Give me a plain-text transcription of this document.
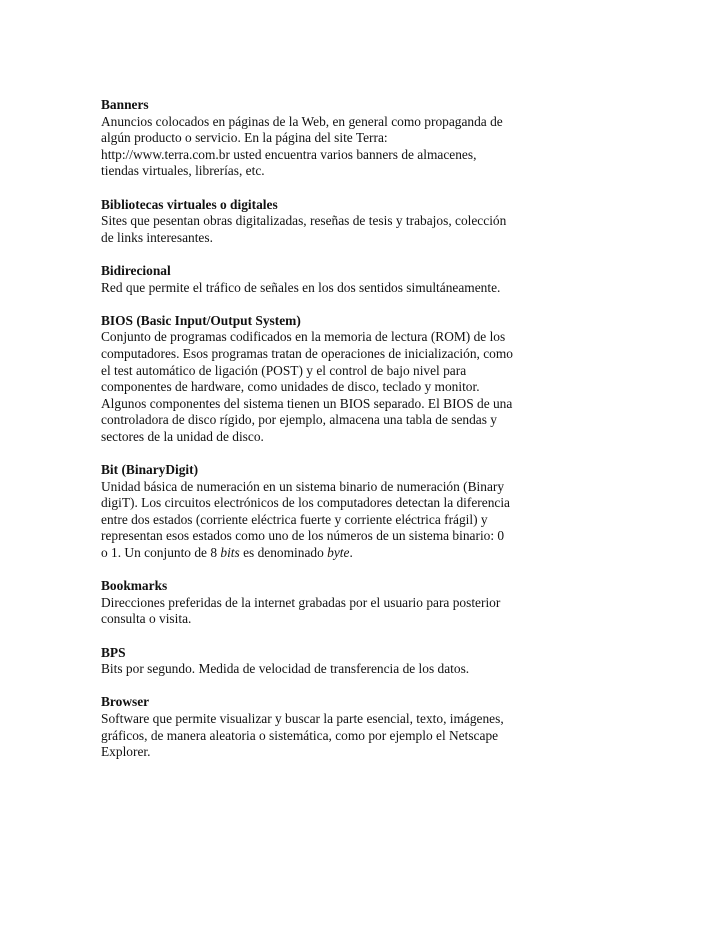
Banners
Anuncios colocados en páginas de la Web, en general como propaganda de
algún producto o servicio. En la página del site Terra:
http://www.terra.com.br usted encuentra varios banners de almacenes,
tiendas virtuales, librerías, etc.
Bibliotecas virtuales o digitales
Sites que pesentan obras digitalizadas, reseñas de tesis y trabajos, colección
de links interesantes.
Bidirecional
Red que permite el tráfico de señales en los dos sentidos simultáneamente.
BIOS (Basic Input/Output System)
Conjunto de programas codificados en la memoria de lectura (ROM) de los
computadores. Esos programas tratan de operaciones de inicialización, como
el test automático de ligación (POST) y el control de bajo nivel para
componentes de hardware, como unidades de disco, teclado y monitor.
Algunos componentes del sistema tienen un BIOS separado. El BIOS de una
controladora de disco rígido, por ejemplo, almacena una tabla de sendas y
sectores de la unidad de disco.
Bit (BinaryDigit)
Unidad básica de numeración en un sistema binario de numeración (Binary
digiT). Los circuitos electrónicos de los computadores detectan la diferencia
entre dos estados (corriente eléctrica fuerte y corriente eléctrica frágil) y
representan esos estados como uno de los números de un sistema binario: 0
o 1. Un conjunto de 8 bits es denominado byte.
Bookmarks
Direcciones preferidas de la internet grabadas por el usuario para posterior
consulta o visita.
BPS
Bits por segundo. Medida de velocidad de transferencia de los datos.
Browser
Software que permite visualizar y buscar la parte esencial, texto, imágenes,
gráficos, de manera aleatoria o sistemática, como por ejemplo el Netscape
Explorer.
